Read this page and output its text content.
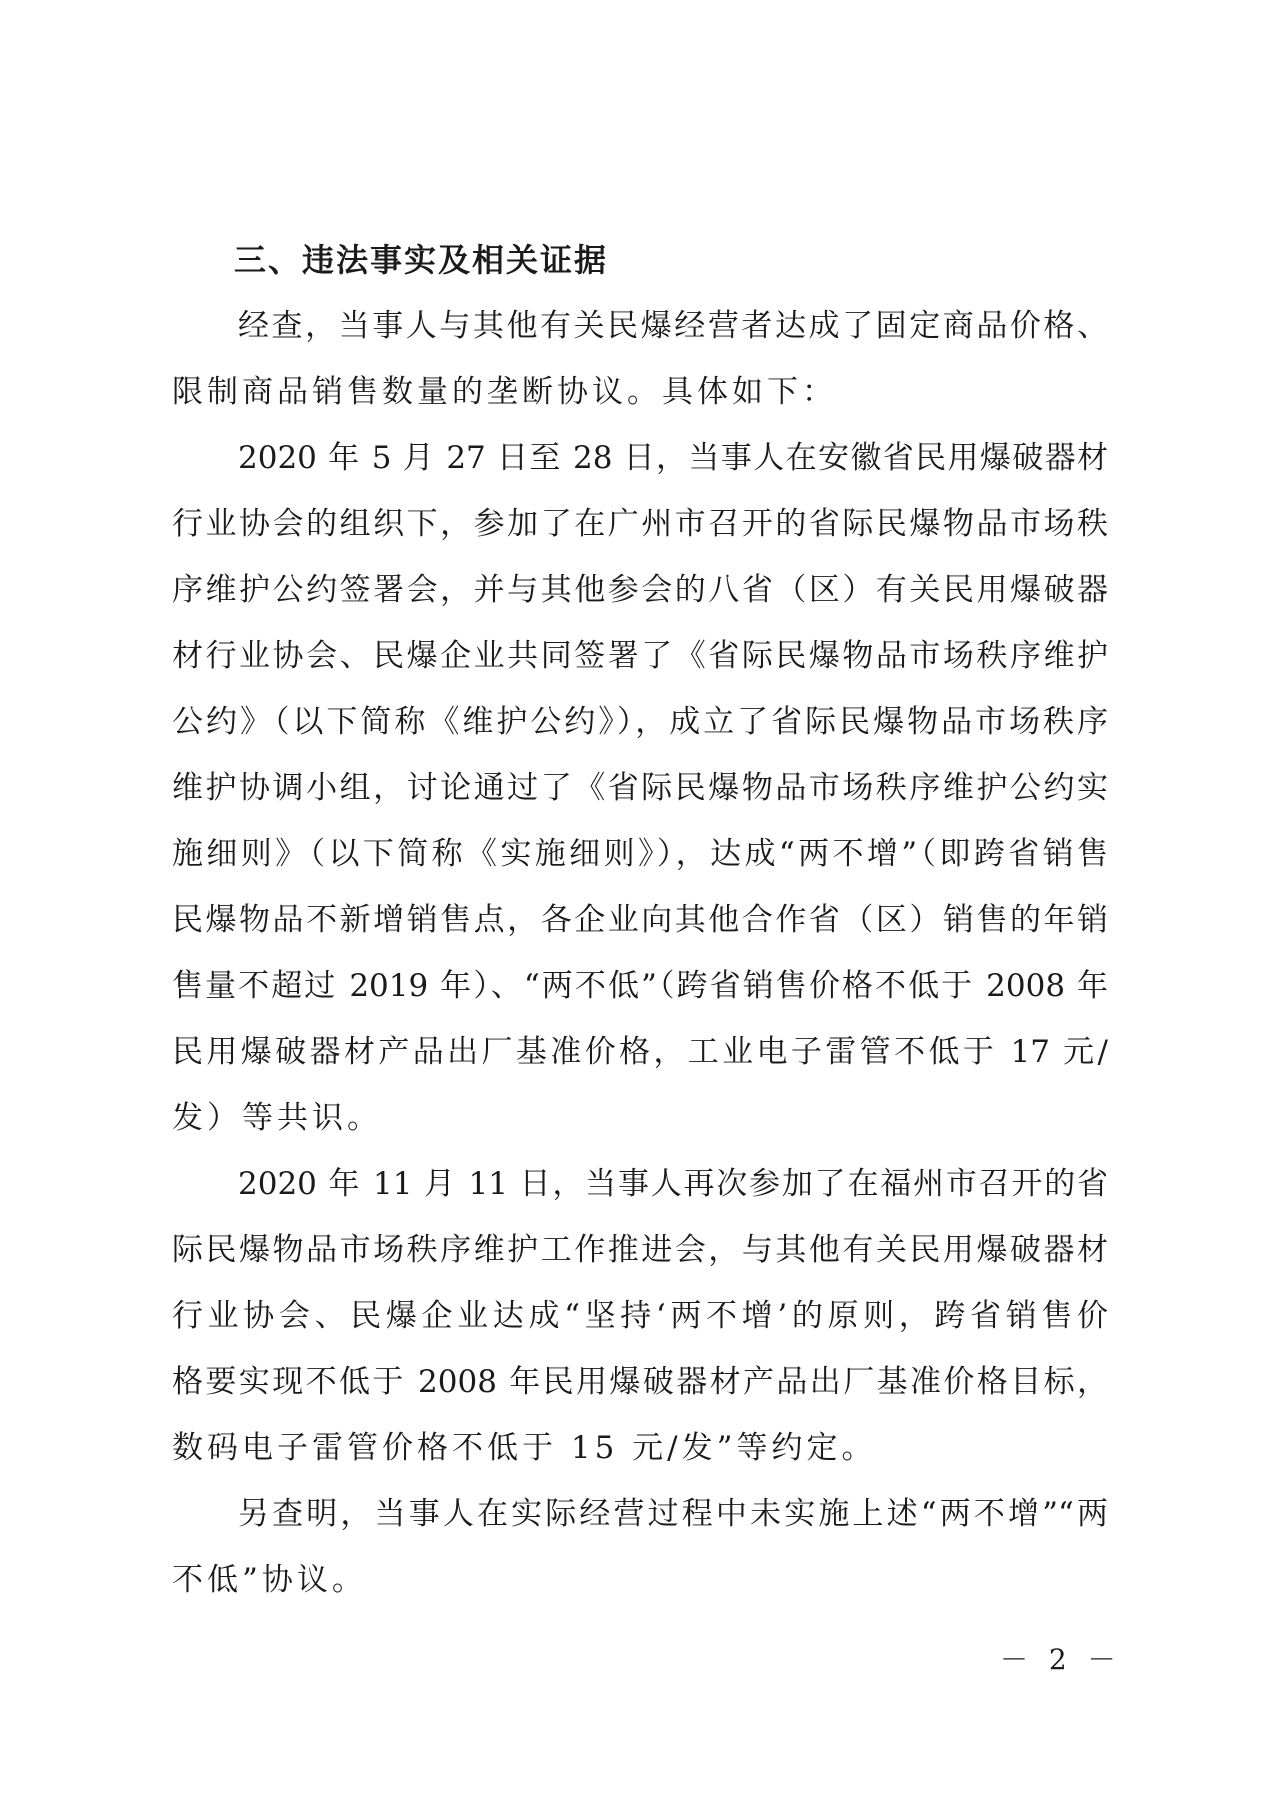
三、违法事实及相关证据
经查，当事人与其他有关民爆经营者达成了固定商品价格、
限制商品销售数量的垄断协议。具体如下：
2020 年 5 月 27 日至 28 日，当事人在安徽省民用爆破器材
行业协会的组织下，参加了在广州市召开的省际民爆物品市场秩
序维护公约签署会，并与其他参会的八省（区）有关民用爆破器
材行业协会、民爆企业共同签署了《省际民爆物品市场秩序维护
公约》（以下简称《维护公约》），成立了省际民爆物品市场秩序
维护协调小组，讨论通过了《省际民爆物品市场秩序维护公约实
施细则》（以下简称《实施细则》），达成“两不增”（即跨省销售
民爆物品不新增销售点，各企业向其他合作省（区）销售的年销
售量不超过 2019 年）、“两不低”（跨省销售价格不低于 2008 年
民用爆破器材产品出厂基准价格，工业电子雷管不低于 17 元/
发）等共识。
2020 年 11 月 11 日，当事人再次参加了在福州市召开的省
际民爆物品市场秩序维护工作推进会，与其他有关民用爆破器材
行业协会、民爆企业达成“坚持‘两不增’的原则，跨省销售价
格要实现不低于 2008 年民用爆破器材产品出厂基准价格目标，
数码电子雷管价格不低于 15 元/发”等约定。
另查明，当事人在实际经营过程中未实施上述“两不增”“两
不低”协议。
－ 2 －
